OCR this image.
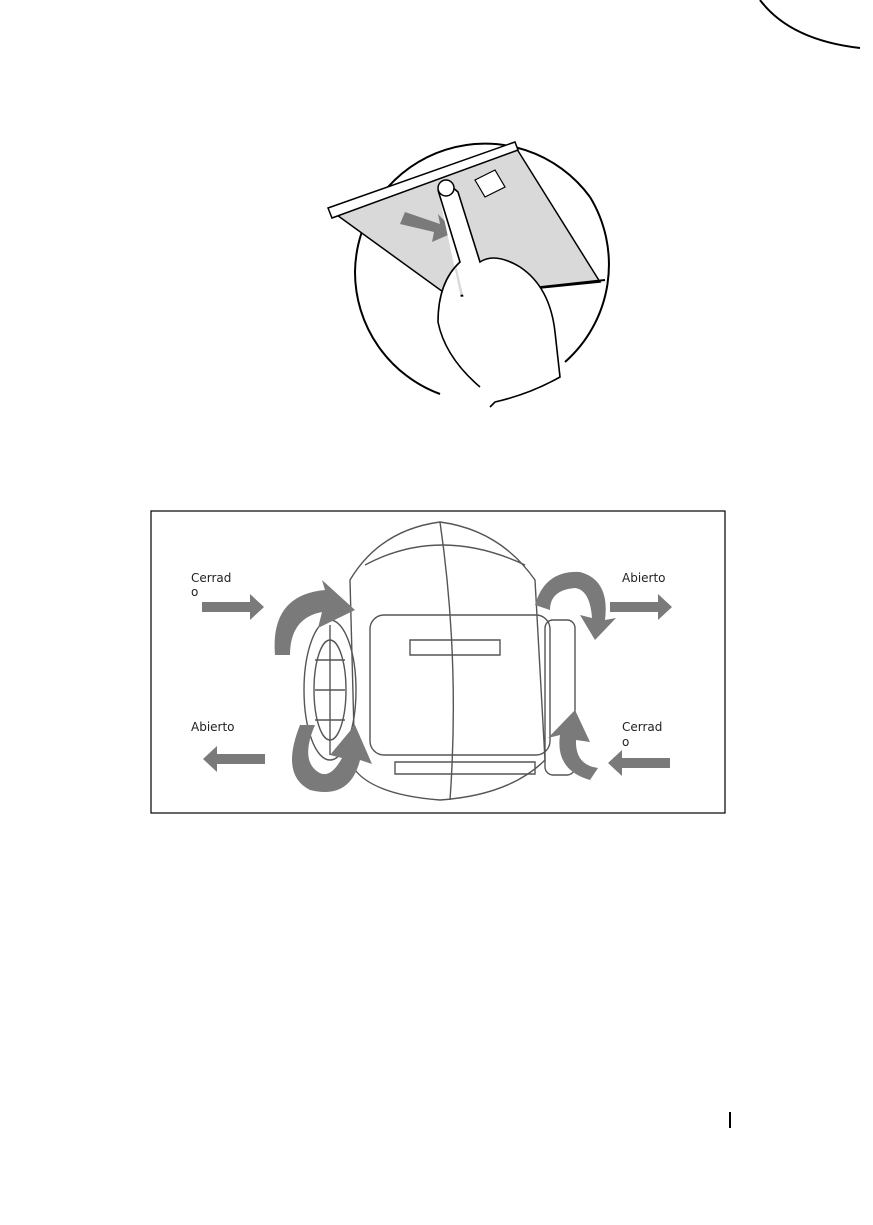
Cerrad
o
Abierto
Abierto	Cerrad
o
